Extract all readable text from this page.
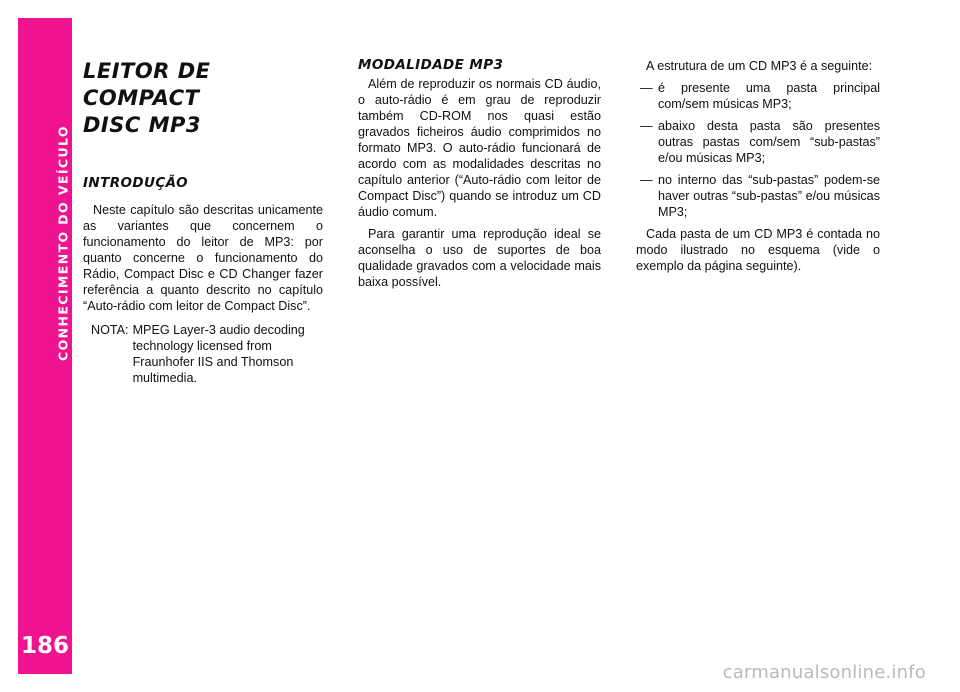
CONHECIMENTO DO VEÍCULO
186
LEITOR DE COMPACT
DISC MP3
INTRODUÇÃO

Neste capítulo são descritas unicamente as variantes que concernem o funcionamento do leitor de MP3: por quanto concerne o funcionamento do Rádio, Compact Disc e CD Changer fazer referência a quanto descrito no capítulo “Auto-rádio com leitor de Compact Disc”.

NOTA: MPEG Layer-3 audio decoding technology licensed from Fraunhofer IIS and Thomson multimedia.
MODALIDADE MP3

Além de reproduzir os normais CD áudio, o auto-rádio é em grau de reproduzir também CD-ROM nos quasi estão gravados ficheiros áudio comprimidos no formato MP3. O auto-rádio funcionará de acordo com as modalidades descritas no capítulo anterior (“Auto-rádio com leitor de Compact Disc”) quando se introduz um CD áudio comum.

Para garantir uma reprodução ideal se aconselha o uso de suportes de boa qualidade gravados com a velocidade mais baixa possível.

A estrutura de um CD MP3 é a seguinte:

— é presente uma pasta principal com/sem músicas MP3;
— abaixo desta pasta são presentes outras pastas com/sem “sub-pastas” e/ou músicas MP3;
— no interno das “sub-pastas” podem-se haver outras “sub-pastas” e/ou músicas MP3;

Cada pasta de um CD MP3 é contada no modo ilustrado no esquema (vide o exemplo da página seguinte).

carmanualsonline.info
